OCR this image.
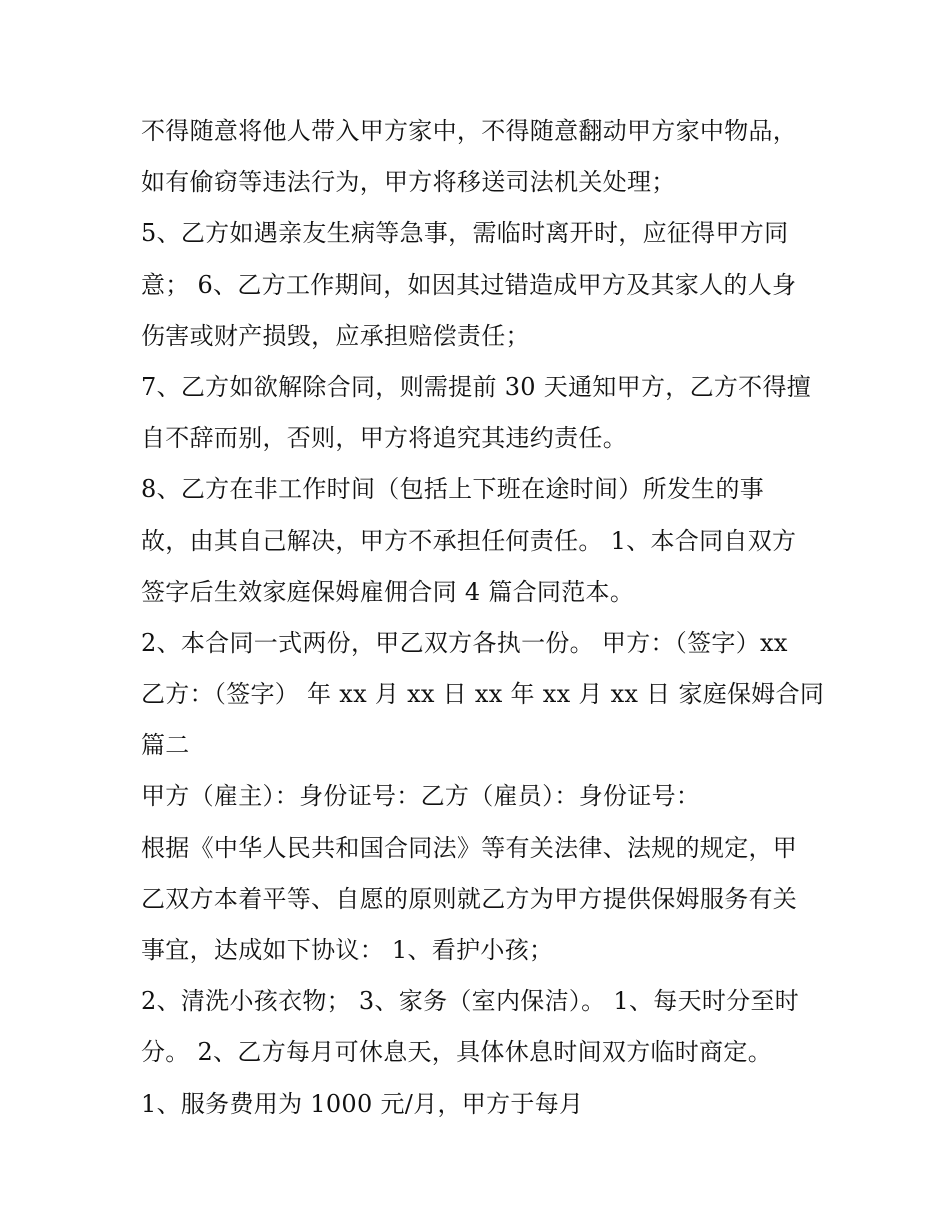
不得随意将他人带入甲方家中，不得随意翻动甲方家中物品，
如有偷窃等违法行为，甲方将移送司法机关处理；
5、乙方如遇亲友生病等急事，需临时离开时，应征得甲方同
意； 6、乙方工作期间，如因其过错造成甲方及其家人的人身
伤害或财产损毁，应承担赔偿责任；
7、乙方如欲解除合同，则需提前 30 天通知甲方，乙方不得擅
自不辞而别，否则，甲方将追究其违约责任。
8、乙方在非工作时间（包括上下班在途时间）所发生的事
故，由其自己解决，甲方不承担任何责任。 1、本合同自双方
签字后生效家庭保姆雇佣合同 4 篇合同范本。
2、本合同一式两份，甲乙双方各执一份。 甲方：（签字）xx
乙方：（签字） 年 xx 月 xx 日 xx 年 xx 月 xx 日 家庭保姆合同
篇二
甲方（雇主）：身份证号：乙方（雇员）：身份证号：
根据《中华人民共和国合同法》等有关法律、法规的规定，甲
乙双方本着平等、自愿的原则就乙方为甲方提供保姆服务有关
事宜，达成如下协议： 1、看护小孩；
2、清洗小孩衣物； 3、家务（室内保洁）。 1、每天时分至时
分。 2、乙方每月可休息天，具体休息时间双方临时商定。
1、服务费用为 1000 元/月，甲方于每月
